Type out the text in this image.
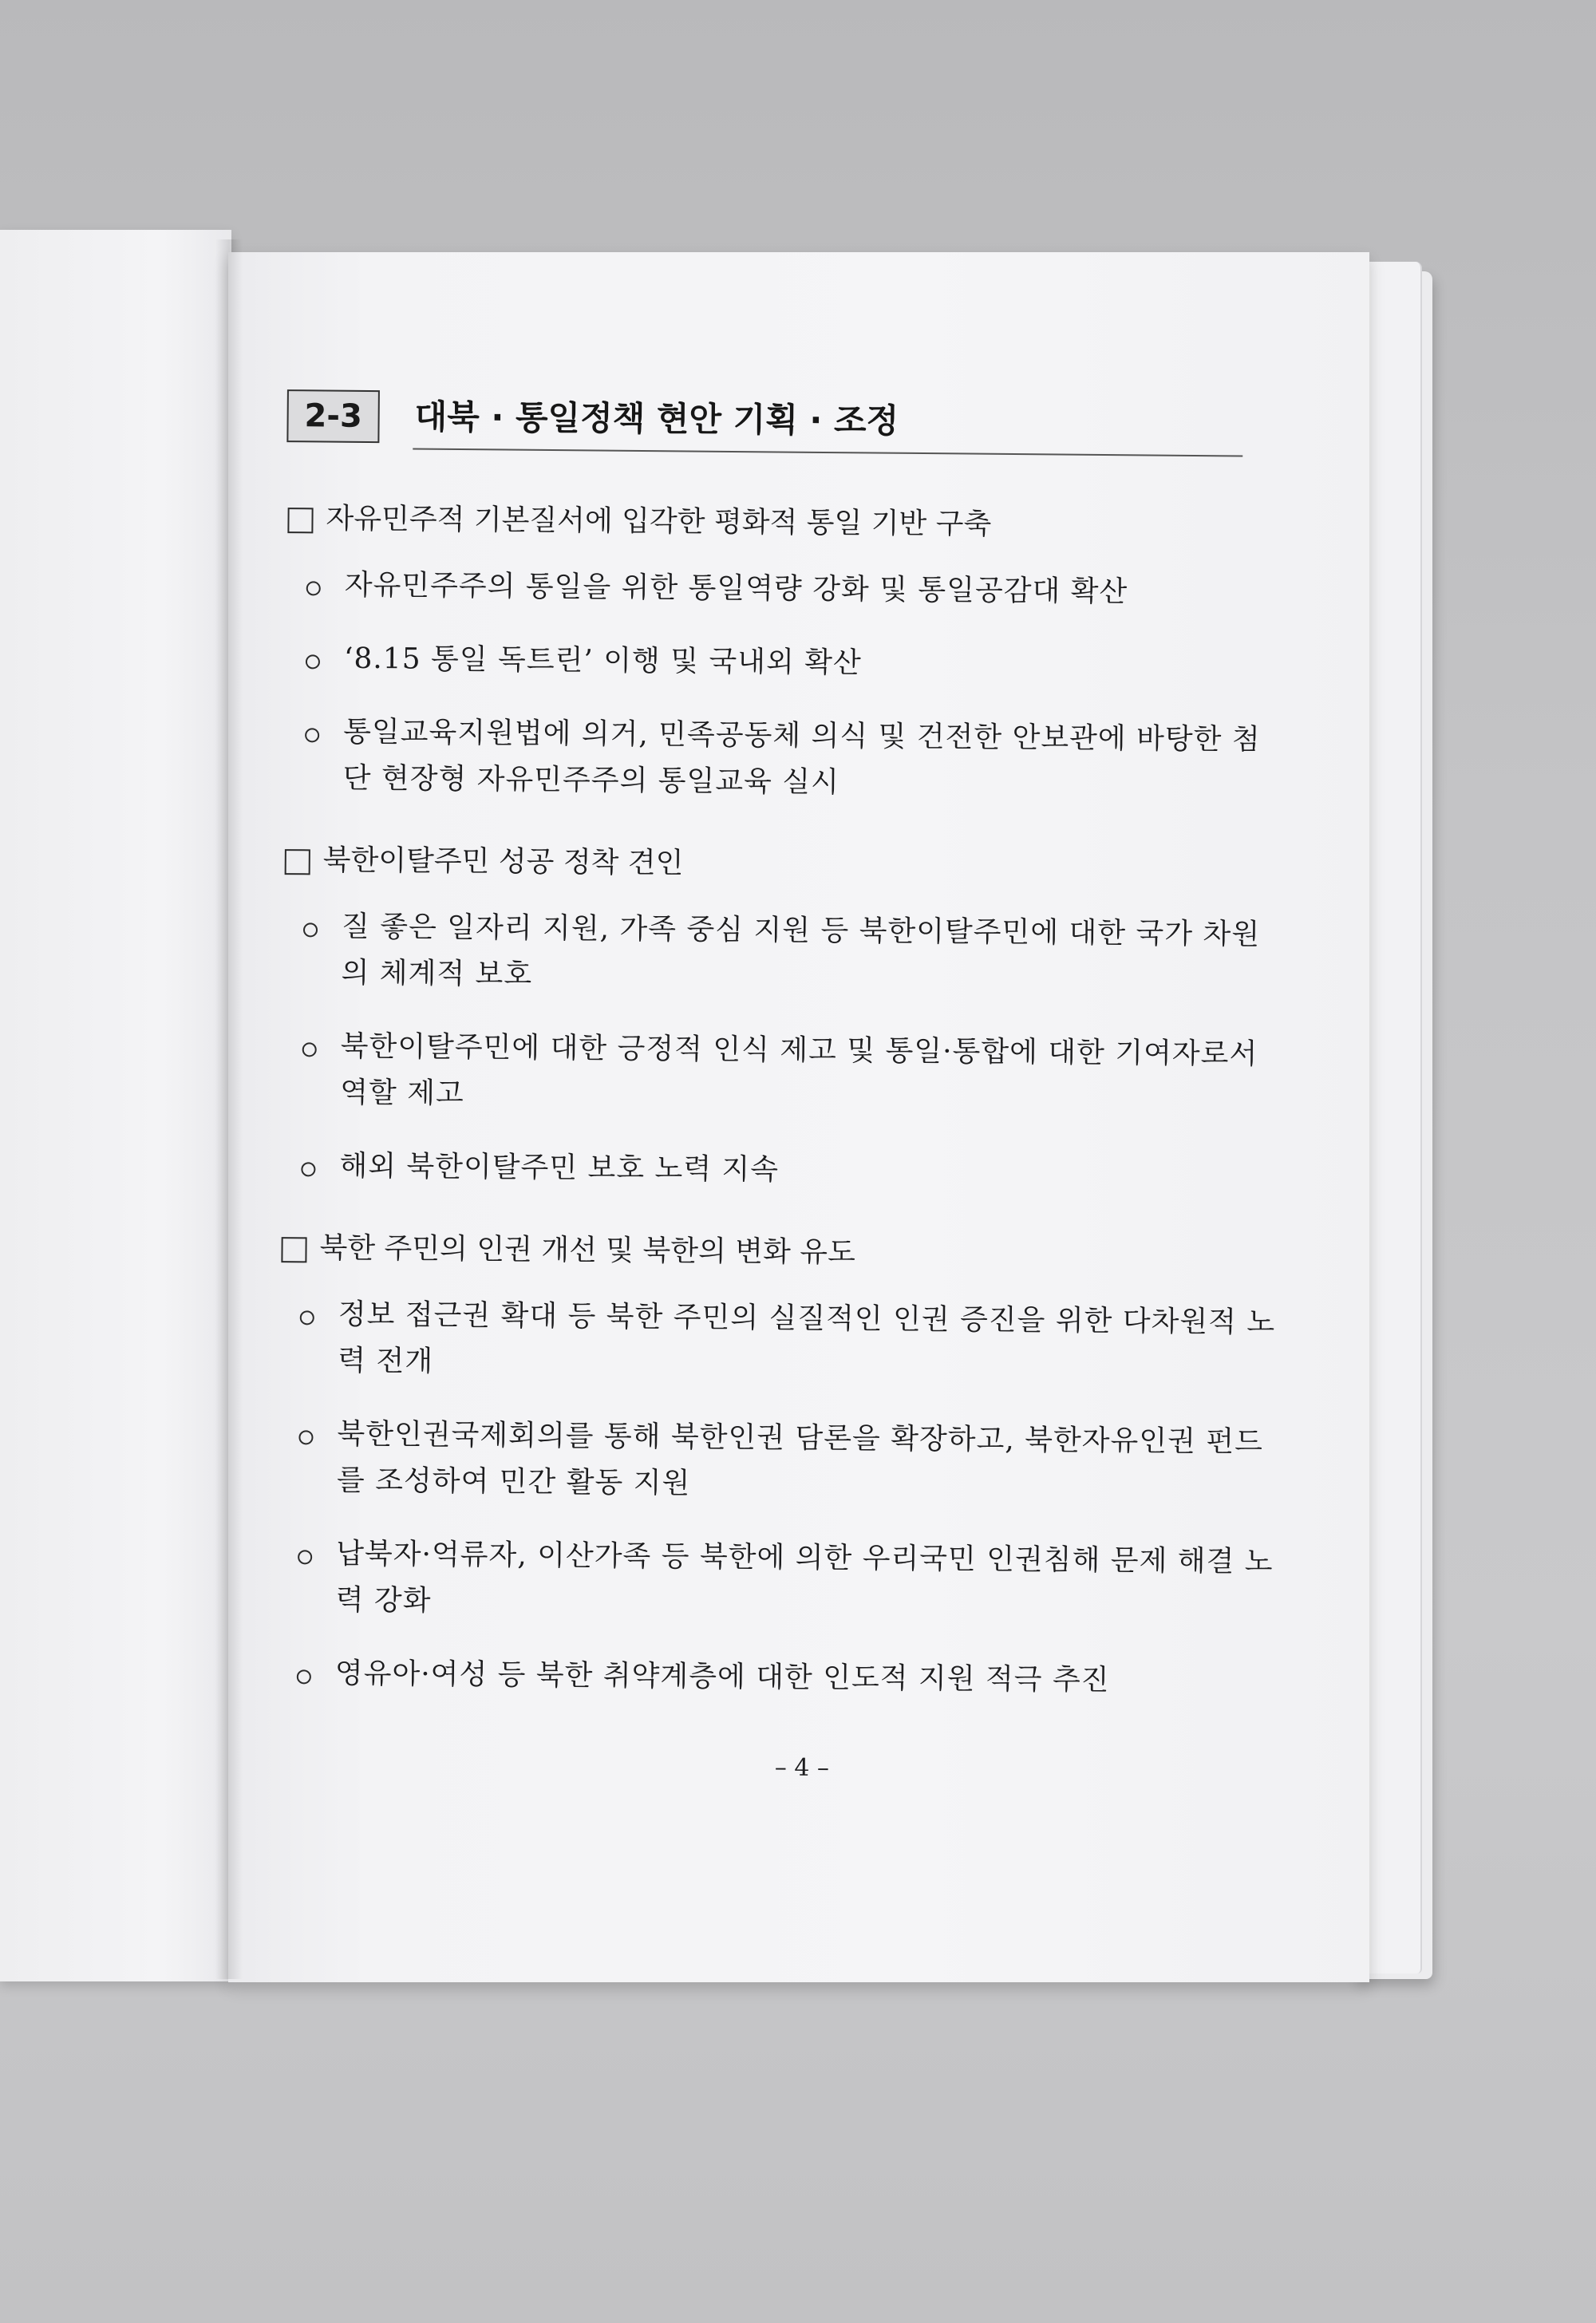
2-3	대북 · 통일정책 현안 기획 · 조정
자유민주적 기본질서에 입각한 평화적 통일 기반 구축
자유민주주의 통일을 위한 통일역량 강화 및 통일공감대 확산
‘8.15 통일 독트린’ 이행 및 국내외 확산
통일교육지원법에 의거, 민족공동체 의식 및 건전한 안보관에 바탕한 첨단 현장형 자유민주주의 통일교육 실시
북한이탈주민 성공 정착 견인
질 좋은 일자리 지원, 가족 중심 지원 등 북한이탈주민에 대한 국가 차원의 체계적 보호
북한이탈주민에 대한 긍정적 인식 제고 및 통일·통합에 대한 기여자로서 역할 제고
해외 북한이탈주민 보호 노력 지속
북한 주민의 인권 개선 및 북한의 변화 유도
정보 접근권 확대 등 북한 주민의 실질적인 인권 증진을 위한 다차원적 노력 전개
북한인권국제회의를 통해 북한인권 담론을 확장하고, 북한자유인권 펀드를 조성하여 민간 활동 지원
납북자·억류자, 이산가족 등 북한에 의한 우리국민 인권침해 문제 해결 노력 강화
영유아·여성 등 북한 취약계층에 대한 인도적 지원 적극 추진
– 4 –
